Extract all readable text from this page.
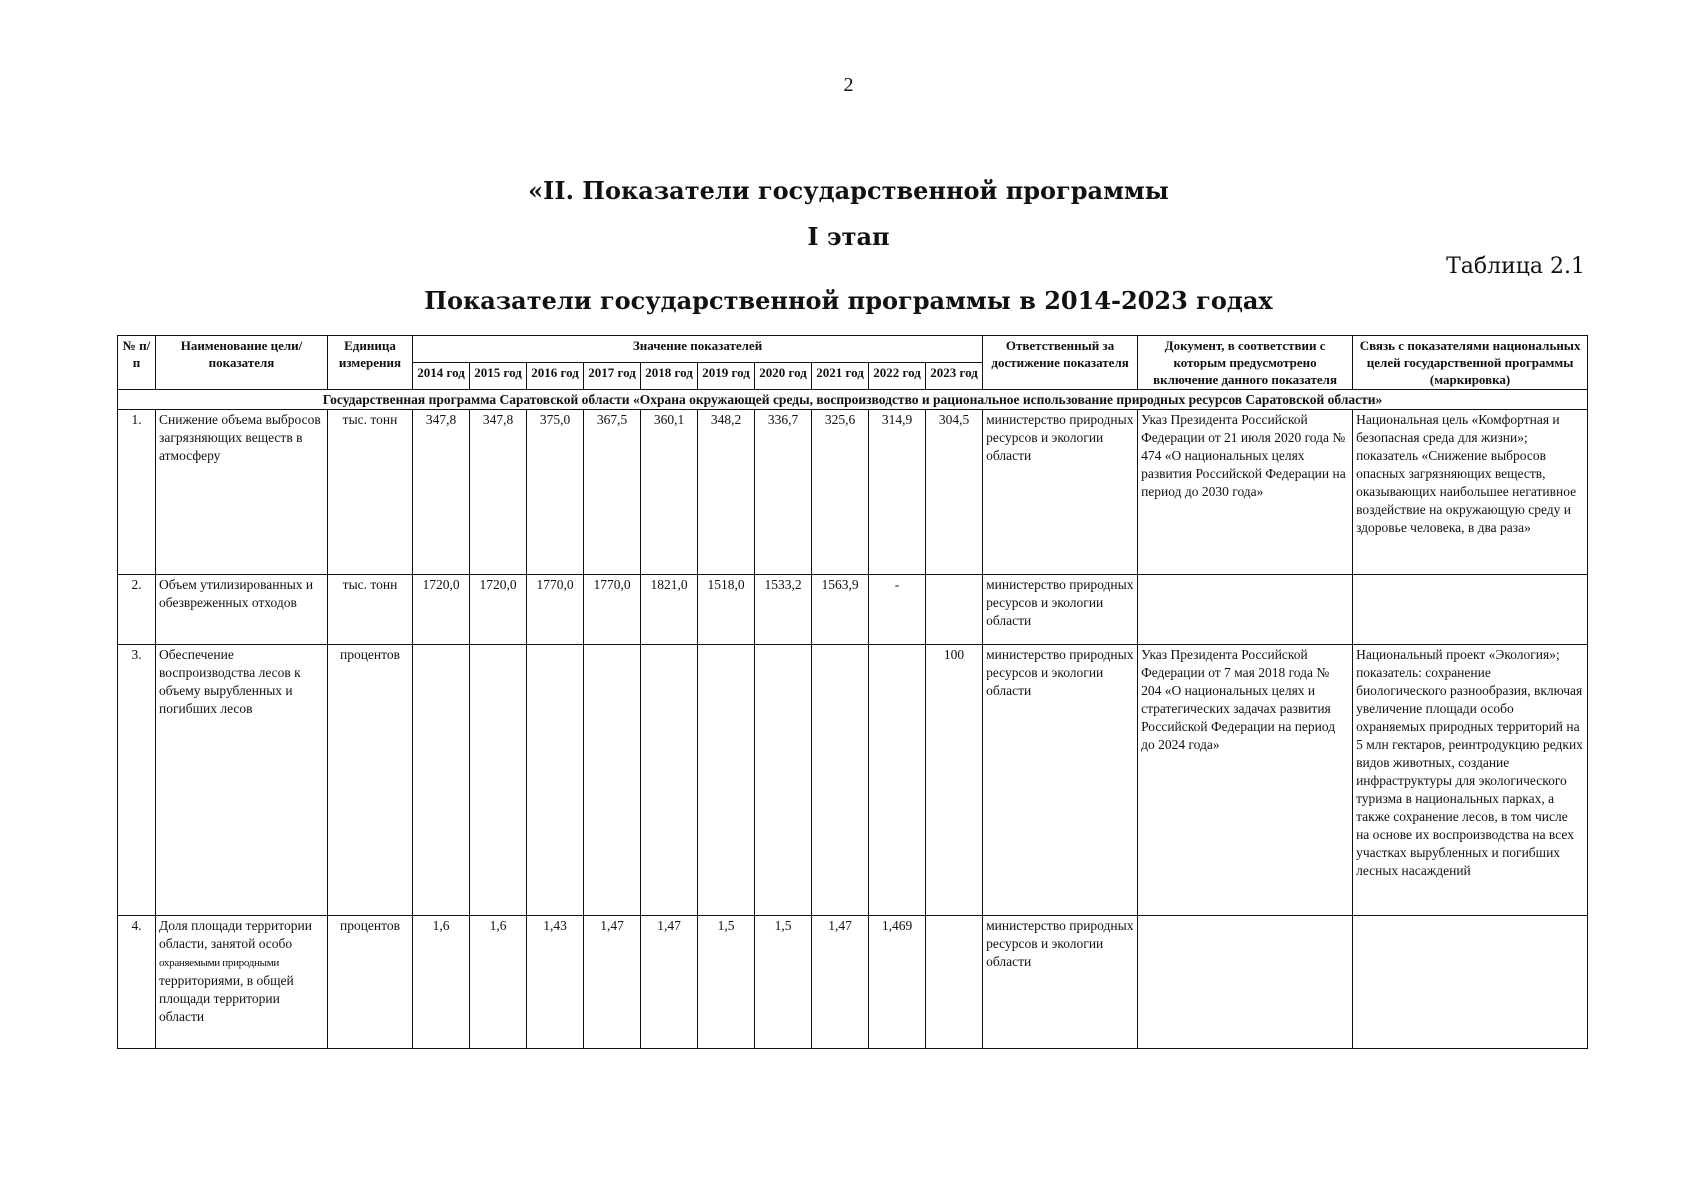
2
«II. Показатели государственной программы
I этап
Таблица 2.1
Показатели государственной программы в 2014-2023 годах
№ п/п	Наименование цели/показателя	Единица измерения	Значение показателей										Ответственный за достижение показателя	Документ, в соответствии с которым предусмотрено включение данного показателя	Связь с показателями национальных целей государственной программы (маркировка)
			2014 год	2015 год	2016 год	2017 год	2018 год	2019 год	2020 год	2021 год	2022 год	2023 год			
Государственная программа Саратовской области «Охрана окружающей среды, воспроизводство и рациональное использование природных ресурсов Саратовской области»															
1.	Снижение объема выбросов загрязняющих веществ в атмосферу	тыс. тонн	347,8	347,8	375,0	367,5	360,1	348,2	336,7	325,6	314,9	304,5	министерство природных ресурсов и экологии области	Указ Президента Российской Федерации от 21 июля 2020 года № 474 «О национальных целях развития Российской Федерации на период до 2030 года»	Национальная цель «Комфортная и безопасная среда для жизни»; показатель «Снижение выбросов опасных загрязняющих веществ, оказывающих наибольшее негативное воздействие на окружающую среду и здоровье человека, в два раза»
2.	Объем утилизированных и обезвреженных отходов	тыс. тонн	1720,0	1720,0	1770,0	1770,0	1821,0	1518,0	1533,2	1563,9	-		министерство природных ресурсов и экологии области		
3.	Обеспечение воспроизводства лесов к объему вырубленных и погибших лесов	процентов										100	министерство природных ресурсов и экологии области	Указ Президента Российской Федерации от 7 мая 2018 года № 204 «О национальных целях и стратегических задачах развития Российской Федерации на период до 2024 года»	Национальный проект «Экология»; показатель: сохранение биологического разнообразия, включая увеличение площади особо охраняемых природных территорий на 5 млн гектаров, реинтродукцию редких видов животных, создание инфраструктуры для экологического туризма в национальных парках, а также сохранение лесов, в том числе на основе их воспроизводства на всех участках вырубленных и погибших лесных насаждений
4.	Доля площади территории области, занятой особо
охраняемыми природными
территориями, в общей площади территории области	процентов	1,6	1,6	1,43	1,47	1,47	1,5	1,5	1,47	1,469		министерство природных ресурсов и экологии области		
